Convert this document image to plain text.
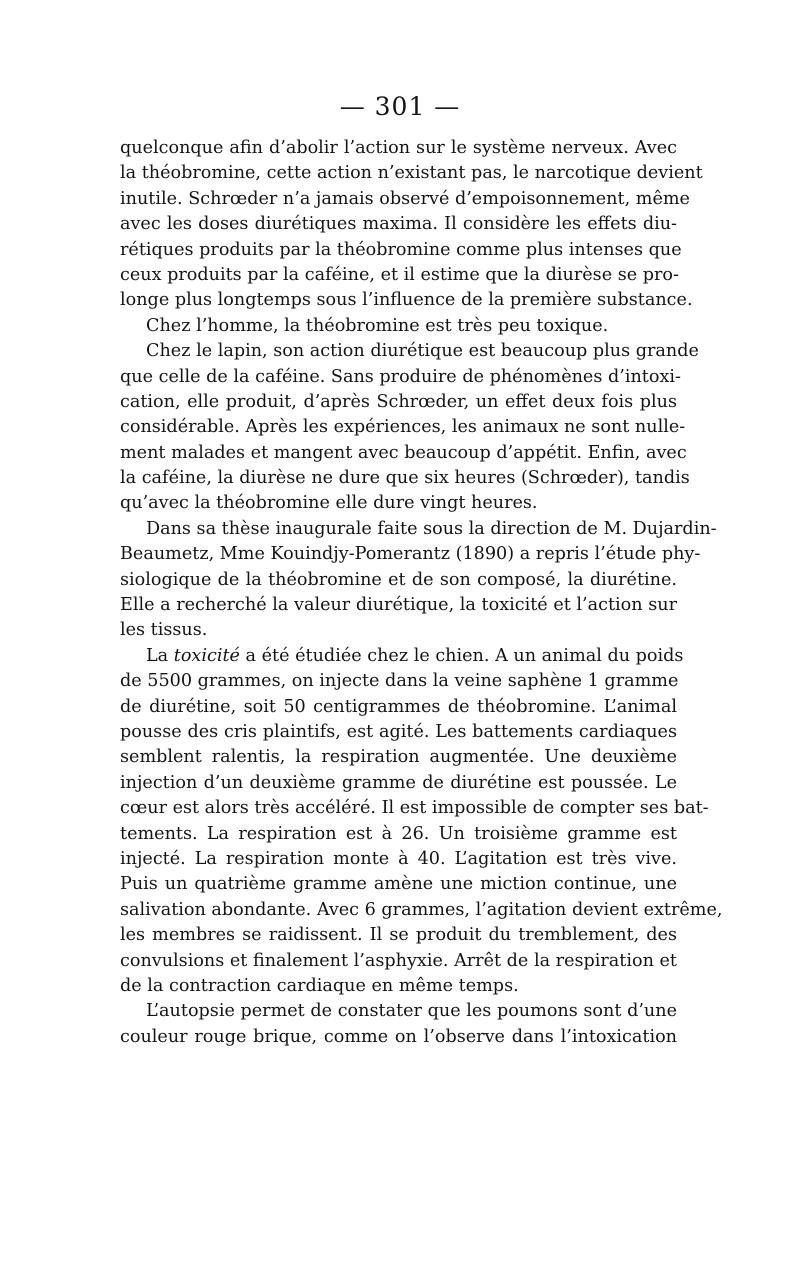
— 301 —
quelconque afin d’abolir l’action sur le système nerveux. Avec
la théobromine, cette action n’existant pas, le narcotique devient
inutile. Schrœder n’a jamais observé d’empoisonnement, même
avec les doses diurétiques maxima. Il considère les effets diu-
rétiques produits par la théobromine comme plus intenses que
ceux produits par la caféine, et il estime que la diurèse se pro-
longe plus longtemps sous l’influence de la première substance.
Chez l’homme, la théobromine est très peu toxique.
Chez le lapin, son action diurétique est beaucoup plus grande
que celle de la caféine. Sans produire de phénomènes d’intoxi-
cation, elle produit, d’après Schrœder, un effet deux fois plus
considérable. Après les expériences, les animaux ne sont nulle-
ment malades et mangent avec beaucoup d’appétit. Enfin, avec
la caféine, la diurèse ne dure que six heures (Schrœder), tandis
qu’avec la théobromine elle dure vingt heures.
Dans sa thèse inaugurale faite sous la direction de M. Dujardin-
Beaumetz, Mme Kouindjy-Pomerantz (1890) a repris l’étude phy-
siologique de la théobromine et de son composé, la diurétine.
Elle a recherché la valeur diurétique, la toxicité et l’action sur
les tissus.
La toxicité a été étudiée chez le chien. A un animal du poids
de 5500 grammes, on injecte dans la veine saphène 1 gramme
de diurétine, soit 50 centigrammes de théobromine. L’animal
pousse des cris plaintifs, est agité. Les battements cardiaques
semblent ralentis, la respiration augmentée. Une deuxième
injection d’un deuxième gramme de diurétine est poussée. Le
cœur est alors très accéléré. Il est impossible de compter ses bat-
tements. La respiration est à 26. Un troisième gramme est
injecté. La respiration monte à 40. L’agitation est très vive.
Puis un quatrième gramme amène une miction continue, une
salivation abondante. Avec 6 grammes, l’agitation devient extrême,
les membres se raidissent. Il se produit du tremblement, des
convulsions et finalement l’asphyxie. Arrêt de la respiration et
de la contraction cardiaque en même temps.
L’autopsie permet de constater que les poumons sont d’une
couleur rouge brique, comme on l’observe dans l’intoxication
